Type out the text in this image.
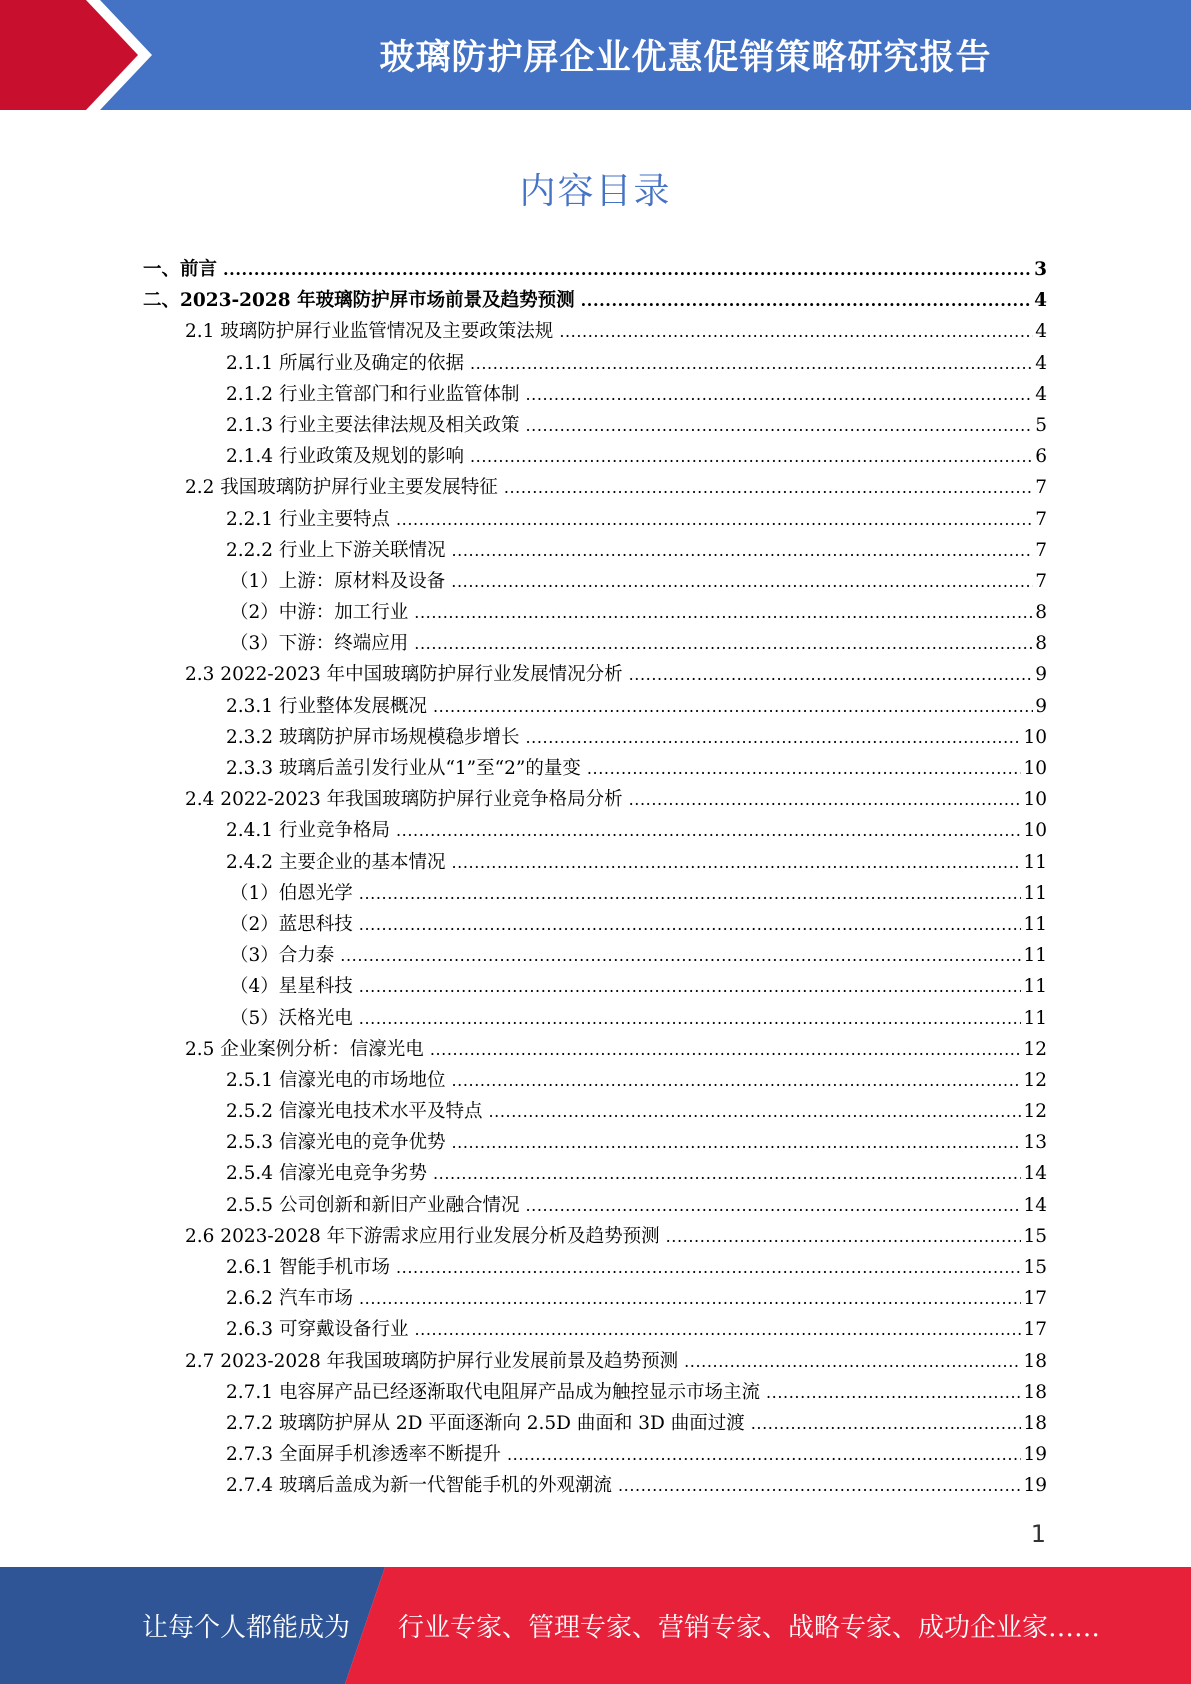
玻璃防护屏企业优惠促销策略研究报告
内容目录
一、前言 .....	3
二、2023-2028 年玻璃防护屏市场前景及趋势预测 .....	4
2.1 玻璃防护屏行业监管情况及主要政策法规 .....	4
2.1.1 所属行业及确定的依据 .....	4
2.1.2 行业主管部门和行业监管体制 .....	4
2.1.3 行业主要法律法规及相关政策 .....	5
2.1.4 行业政策及规划的影响 .....	6
2.2 我国玻璃防护屏行业主要发展特征 .....	7
2.2.1 行业主要特点 .....	7
2.2.2 行业上下游关联情况 .....	7
（1）上游：原材料及设备 .....	7
（2）中游：加工行业 .....	8
（3）下游：终端应用 .....	8
2.3 2022-2023 年中国玻璃防护屏行业发展情况分析 .....	9
2.3.1 行业整体发展概况 .....	9
2.3.2 玻璃防护屏市场规模稳步增长 .....	10
2.3.3 玻璃后盖引发行业从“1”至“2”的量变 .....	10
2.4 2022-2023 年我国玻璃防护屏行业竞争格局分析 .....	10
2.4.1 行业竞争格局 .....	10
2.4.2 主要企业的基本情况 .....	11
（1）伯恩光学 .....	11
（2）蓝思科技 .....	11
（3）合力泰 .....	11
（4）星星科技 .....	11
（5）沃格光电 .....	11
2.5 企业案例分析：信濠光电 .....	12
2.5.1 信濠光电的市场地位 .....	12
2.5.2 信濠光电技术水平及特点 .....	12
2.5.3 信濠光电的竞争优势 .....	13
2.5.4 信濠光电竞争劣势 .....	14
2.5.5 公司创新和新旧产业融合情况 .....	14
2.6 2023-2028 年下游需求应用行业发展分析及趋势预测 .....	15
2.6.1 智能手机市场 .....	15
2.6.2 汽车市场 .....	17
2.6.3 可穿戴设备行业 .....	17
2.7 2023-2028 年我国玻璃防护屏行业发展前景及趋势预测 .....	18
2.7.1 电容屏产品已经逐渐取代电阻屏产品成为触控显示市场主流 .....	18
2.7.2 玻璃防护屏从 2D 平面逐渐向 2.5D 曲面和 3D 曲面过渡 .....	18
2.7.3 全面屏手机渗透率不断提升 .....	19
2.7.4 玻璃后盖成为新一代智能手机的外观潮流 .....	19
1
让每个人都能成为 行业专家、管理专家、营销专家、战略专家、成功企业家……
